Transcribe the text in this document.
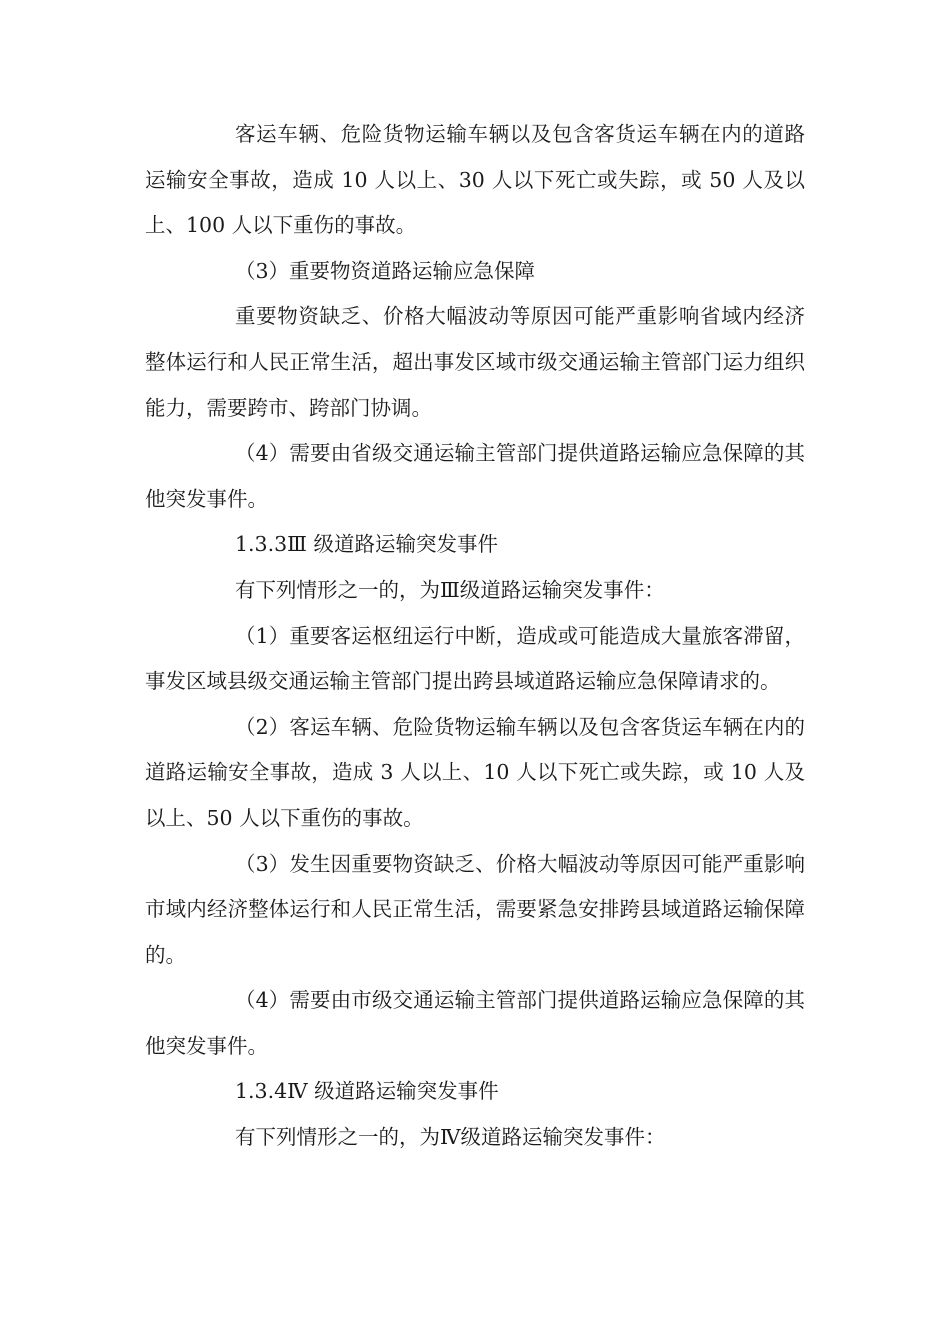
客运车辆、危险货物运输车辆以及包含客货运车辆在内的道路运输安全事故，造成 10 人以上、30 人以下死亡或失踪，或 50 人及以上、100 人以下重伤的事故。

（3）重要物资道路运输应急保障

重要物资缺乏、价格大幅波动等原因可能严重影响省域内经济整体运行和人民正常生活，超出事发区域市级交通运输主管部门运力组织能力，需要跨市、跨部门协调。

（4）需要由省级交通运输主管部门提供道路运输应急保障的其他突发事件。

1.3.3Ⅲ 级道路运输突发事件

有下列情形之一的，为Ⅲ级道路运输突发事件：

（1）重要客运枢纽运行中断，造成或可能造成大量旅客滞留，事发区域县级交通运输主管部门提出跨县域道路运输应急保障请求的。

（2）客运车辆、危险货物运输车辆以及包含客货运车辆在内的道路运输安全事故，造成 3 人以上、10 人以下死亡或失踪，或 10 人及以上、50 人以下重伤的事故。

（3）发生因重要物资缺乏、价格大幅波动等原因可能严重影响市域内经济整体运行和人民正常生活，需要紧急安排跨县域道路运输保障的。

（4）需要由市级交通运输主管部门提供道路运输应急保障的其他突发事件。

1.3.4Ⅳ 级道路运输突发事件

有下列情形之一的，为Ⅳ级道路运输突发事件：
